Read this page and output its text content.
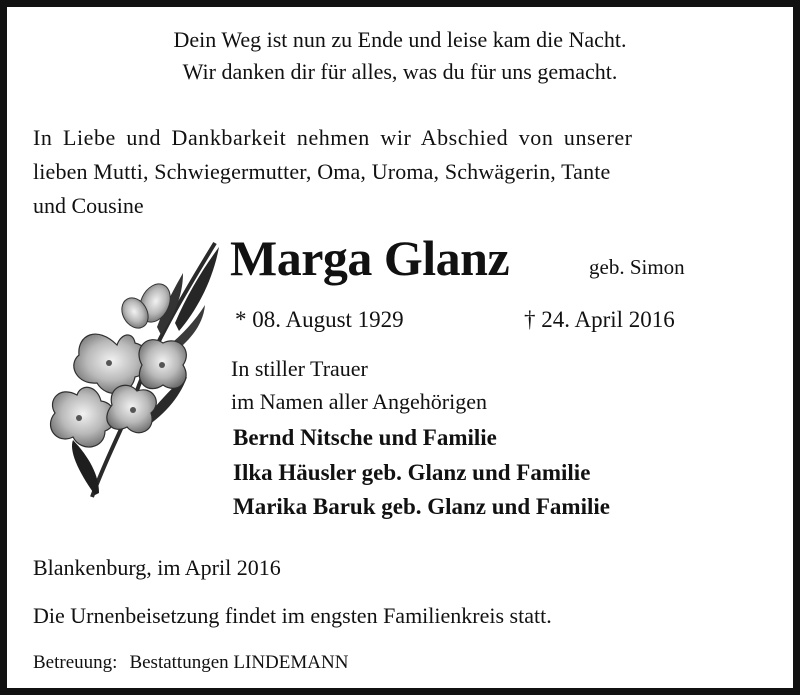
Dein Weg ist nun zu Ende und leise kam die Nacht.
Wir danken dir für alles, was du für uns gemacht.
In Liebe und Dankbarkeit nehmen wir Abschied von unserer
lieben Mutti, Schwiegermutter, Oma, Uroma, Schwägerin, Tante
und Cousine
Marga Glanz	geb. Simon
* 08. August 1929	† 24. April 2016
In stiller Trauer
im Namen aller Angehörigen
Bernd Nitsche und Familie
Ilka Häusler geb. Glanz und Familie
Marika Baruk geb. Glanz und Familie
Blankenburg, im April 2016
Die Urnenbeisetzung findet im engsten Familienkreis statt.
Betreuung: Bestattungen LINDEMANN
